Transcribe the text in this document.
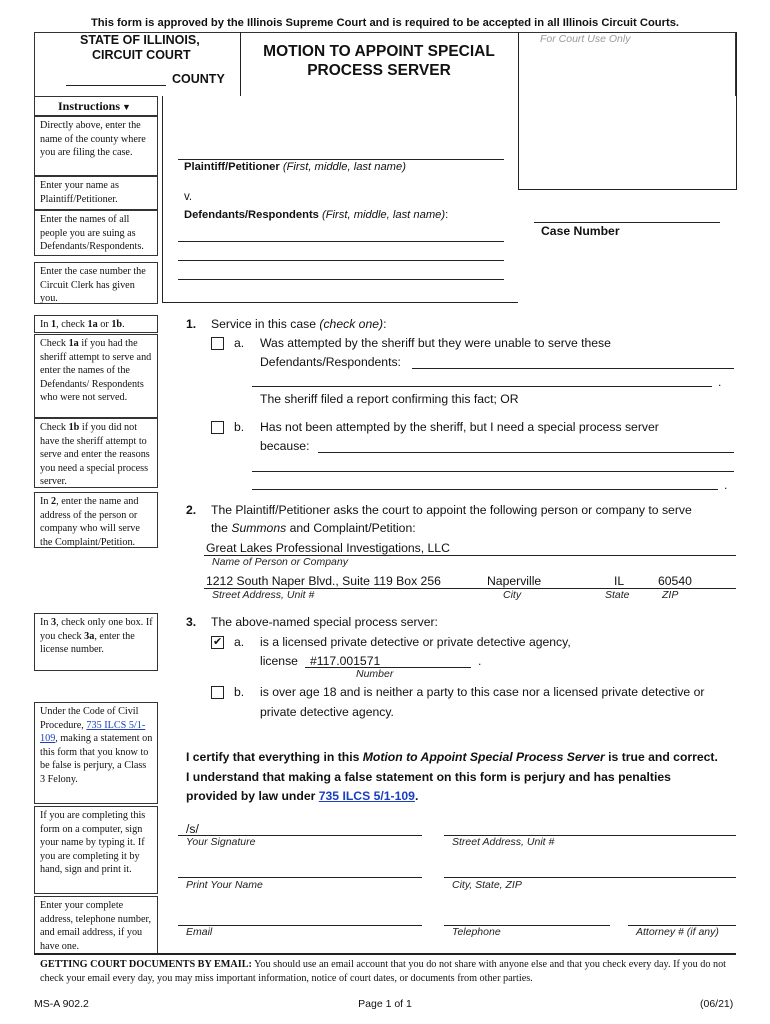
This form is approved by the Illinois Supreme Court and is required to be accepted in all Illinois Circuit Courts.
STATE OF ILLINOIS,
CIRCUIT COURT
COUNTY
MOTION TO APPOINT SPECIAL
PROCESS SERVER
For Court Use Only
Instructions ▼
Directly above, enter the name of the county where you are filing the case.
Enter your name as Plaintiff/Petitioner.
Enter the names of all people you are suing as Defendants/Respondents.
Enter the case number the Circuit Clerk has given you.
In 1, check 1a or 1b.
Check 1a if you had the sheriff attempt to serve and enter the names of the Defendants/ Respondents who were not served.
Check 1b if you did not have the sheriff attempt to serve and enter the reasons you need a special process server.
In 2, enter the name and address of the person or company who will serve the Complaint/Petition.
In 3, check only one box. If you check 3a, enter the license number.
Under the Code of Civil Procedure, 735 ILCS 5/1-109, making a statement on this form that you know to be false is perjury, a Class 3 Felony.
If you are completing this form on a computer, sign your name by typing it. If you are completing it by hand, sign and print it.
Enter your complete address, telephone number, and email address, if you have one.
Plaintiff/Petitioner (First, middle, last name)
v.
Defendants/Respondents (First, middle, last name):
Case Number
1. Service in this case (check one):
a. Was attempted by the sheriff but they were unable to serve these
Defendants/Respondents:
.
The sheriff filed a report confirming this fact; OR
b. Has not been attempted by the sheriff, but I need a special process server
because:
.
2. The Plaintiff/Petitioner asks the court to appoint the following person or company to serve
the Summons and Complaint/Petition:
Great Lakes Professional Investigations, LLC
Name of Person or Company
1212 South Naper Blvd., Suite 119 Box 256	Naperville	IL	60540
Street Address, Unit #	City	State	ZIP
3. The above-named special process server:
✔ a. is a licensed private detective or private detective agency,
license #117.001571	.
Number
b. is over age 18 and is neither a party to this case nor a licensed private detective or
private detective agency.
I certify that everything in this Motion to Appoint Special Process Server is true and correct.
I understand that making a false statement on this form is perjury and has penalties
provided by law under 735 ILCS 5/1-109.
/s/
Your Signature	Street Address, Unit #
Print Your Name	City, State, ZIP
Email	Telephone	Attorney # (if any)
GETTING COURT DOCUMENTS BY EMAIL: You should use an email account that you do not share with anyone else and that you check every day. If you do not check your email every day, you may miss important information, notice of court dates, or documents from other parties.
MS-A 902.2	Page 1 of 1	(06/21)
